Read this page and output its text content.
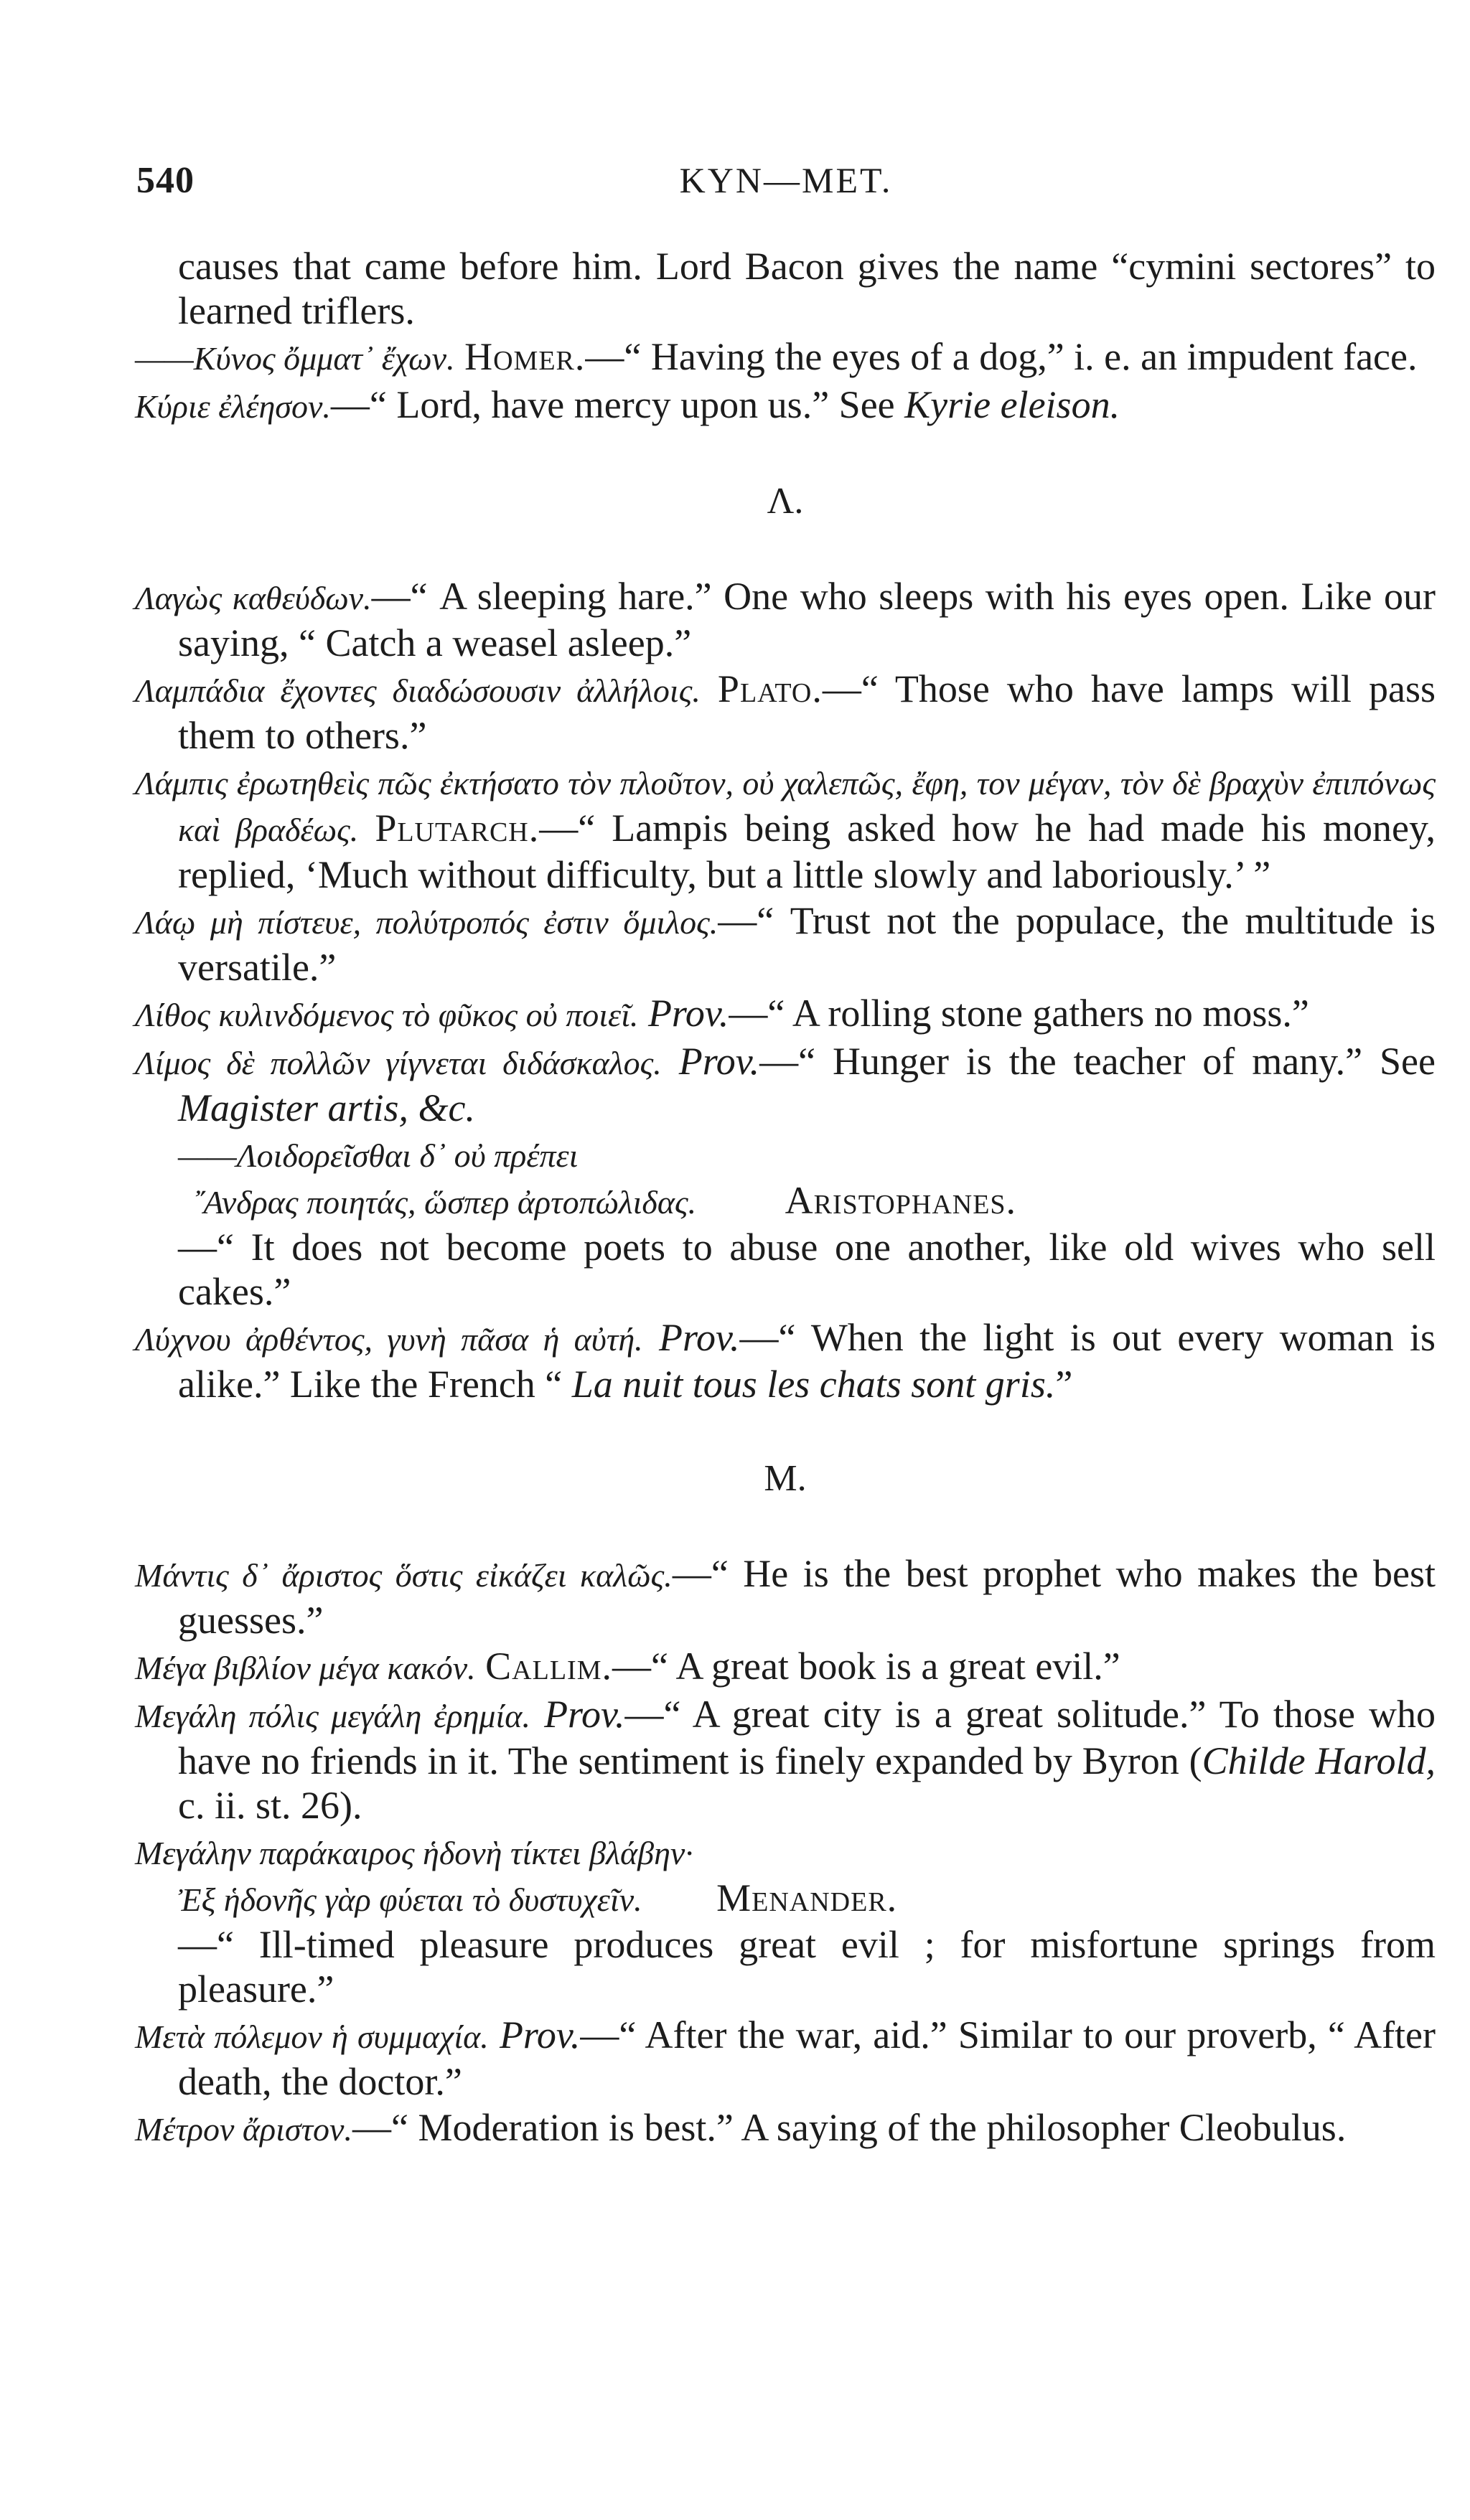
540	KYN—MET.

causes that came before him. Lord Bacon gives the name “cymini sectores” to learned triflers.

——Κύνος ὄμματ᾽ ἔχων. Homer.—“ Having the eyes of a dog,” i. e. an impudent face.

Κύριε ἐλέησον.—“ Lord, have mercy upon us.” See Kyrie eleison.

Λ.

Λαγὼς καθεύδων.—“ A sleeping hare.” One who sleeps with his eyes open. Like our saying, “ Catch a weasel asleep.”

Λαμπάδια ἔχοντες διαδώσουσιν ἀλλήλοις. Plato.—“ Those who have lamps will pass them to others.”

Λάμπις ἐρωτηθεὶς πῶς ἐκτήσατο τὸν πλοῦτον, οὐ χαλεπῶς, ἔφη, τον μέγαν, τὸν δὲ βραχὺν ἐπιπόνως καὶ βραδέως. Plutarch.—“ Lampis being asked how he had made his money, replied, ‘Much without difficulty, but a little slowly and laboriously.’ ”

Λάῳ μὴ πίστευε, πολύτροπός ἐστιν ὅμιλος.—“ Trust not the populace, the multitude is versatile.”

Λίθος κυλινδόμενος τὸ φῦκος οὐ ποιεῖ. Prov.—“ A rolling stone gathers no moss.”

Λίμος δὲ πολλῶν γίγνεται διδάσκαλος. Prov.—“ Hunger is the teacher of many.” See Magister artis, &c.

——Λοιδορεῖσθαι δ᾽ οὐ πρέπει

῎Ανδρας ποιητάς, ὥσπερ ἀρτοπώλιδας. Aristophanes.

—“ It does not become poets to abuse one another, like old wives who sell cakes.”

Λύχνου ἀρθέντος, γυνὴ πᾶσα ἡ αὐτή. Prov.—“ When the light is out every woman is alike.” Like the French “ La nuit tous les chats sont gris.”

M.

Μάντις δ᾽ ἄριστος ὅστις εἰκάζει καλῶς.—“ He is the best prophet who makes the best guesses.”

Μέγα βιβλίον μέγα κακόν. Callim.—“ A great book is a great evil.”

Μεγάλη πόλις μεγάλη ἐρημία. Prov.—“ A great city is a great solitude.” To those who have no friends in it. The sentiment is finely expanded by Byron (Childe Harold, c. ii. st. 26).

Μεγάλην παράκαιρος ἡδονὴ τίκτει βλάβην·

Ἐξ ἡδονῆς γὰρ φύεται τὸ δυστυχεῖν. Menander.

—“ Ill-timed pleasure produces great evil ; for misfortune springs from pleasure.”

Μετὰ πόλεμον ἡ συμμαχία. Prov.—“ After the war, aid.” Similar to our proverb, “ After death, the doctor.”

Μέτρον ἄριστον.—“ Moderation is best.” A saying of the philosopher Cleobulus.
